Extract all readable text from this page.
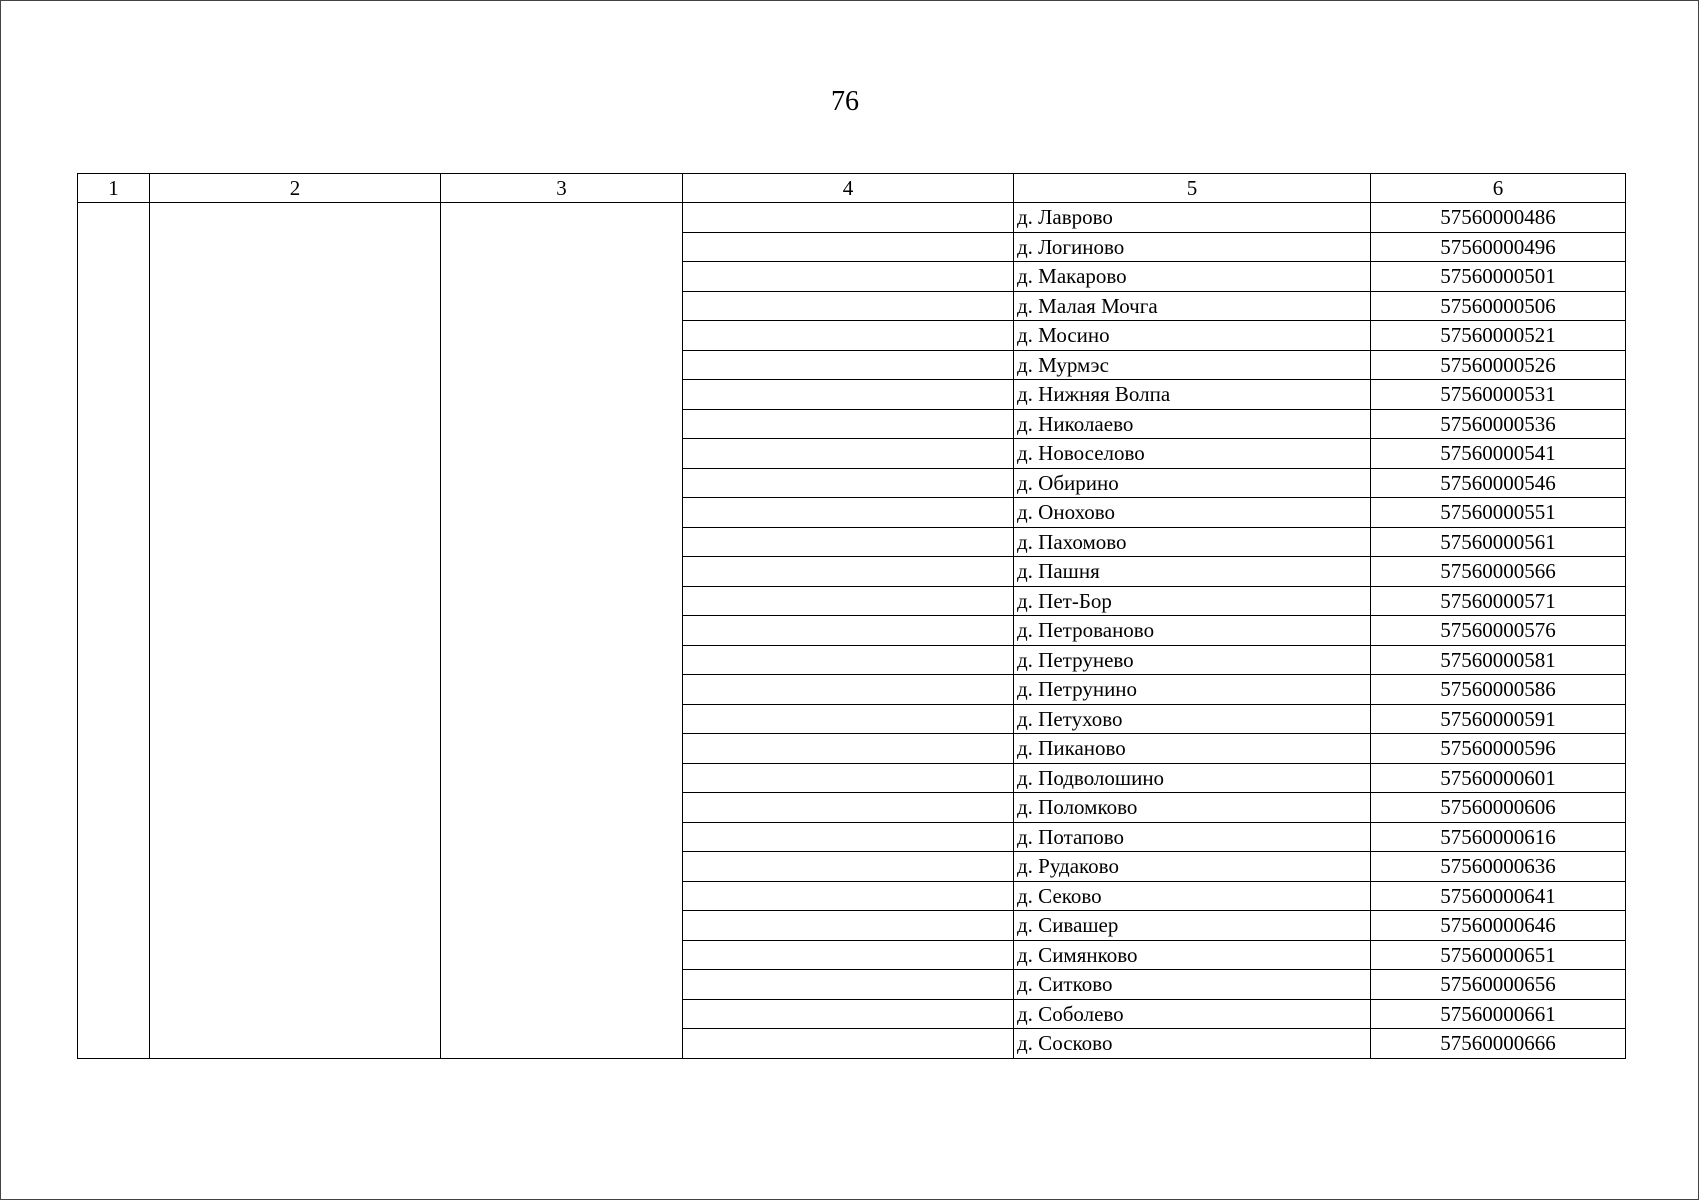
76
1	2	3	4	5	6
				д. Лаврово	57560000486
				д. Логиново	57560000496
				д. Макарово	57560000501
				д. Малая Мочга	57560000506
				д. Мосино	57560000521
				д. Мурмэс	57560000526
				д. Нижняя Волпа	57560000531
				д. Николаево	57560000536
				д. Новоселово	57560000541
				д. Обирино	57560000546
				д. Онохово	57560000551
				д. Пахомово	57560000561
				д. Пашня	57560000566
				д. Пет-Бор	57560000571
				д. Петрованово	57560000576
				д. Петрунево	57560000581
				д. Петрунино	57560000586
				д. Петухово	57560000591
				д. Пиканово	57560000596
				д. Подволошино	57560000601
				д. Поломково	57560000606
				д. Потапово	57560000616
				д. Рудаково	57560000636
				д. Секово	57560000641
				д. Сивашер	57560000646
				д. Симянково	57560000651
				д. Ситково	57560000656
				д. Соболево	57560000661
				д. Сосково	57560000666
